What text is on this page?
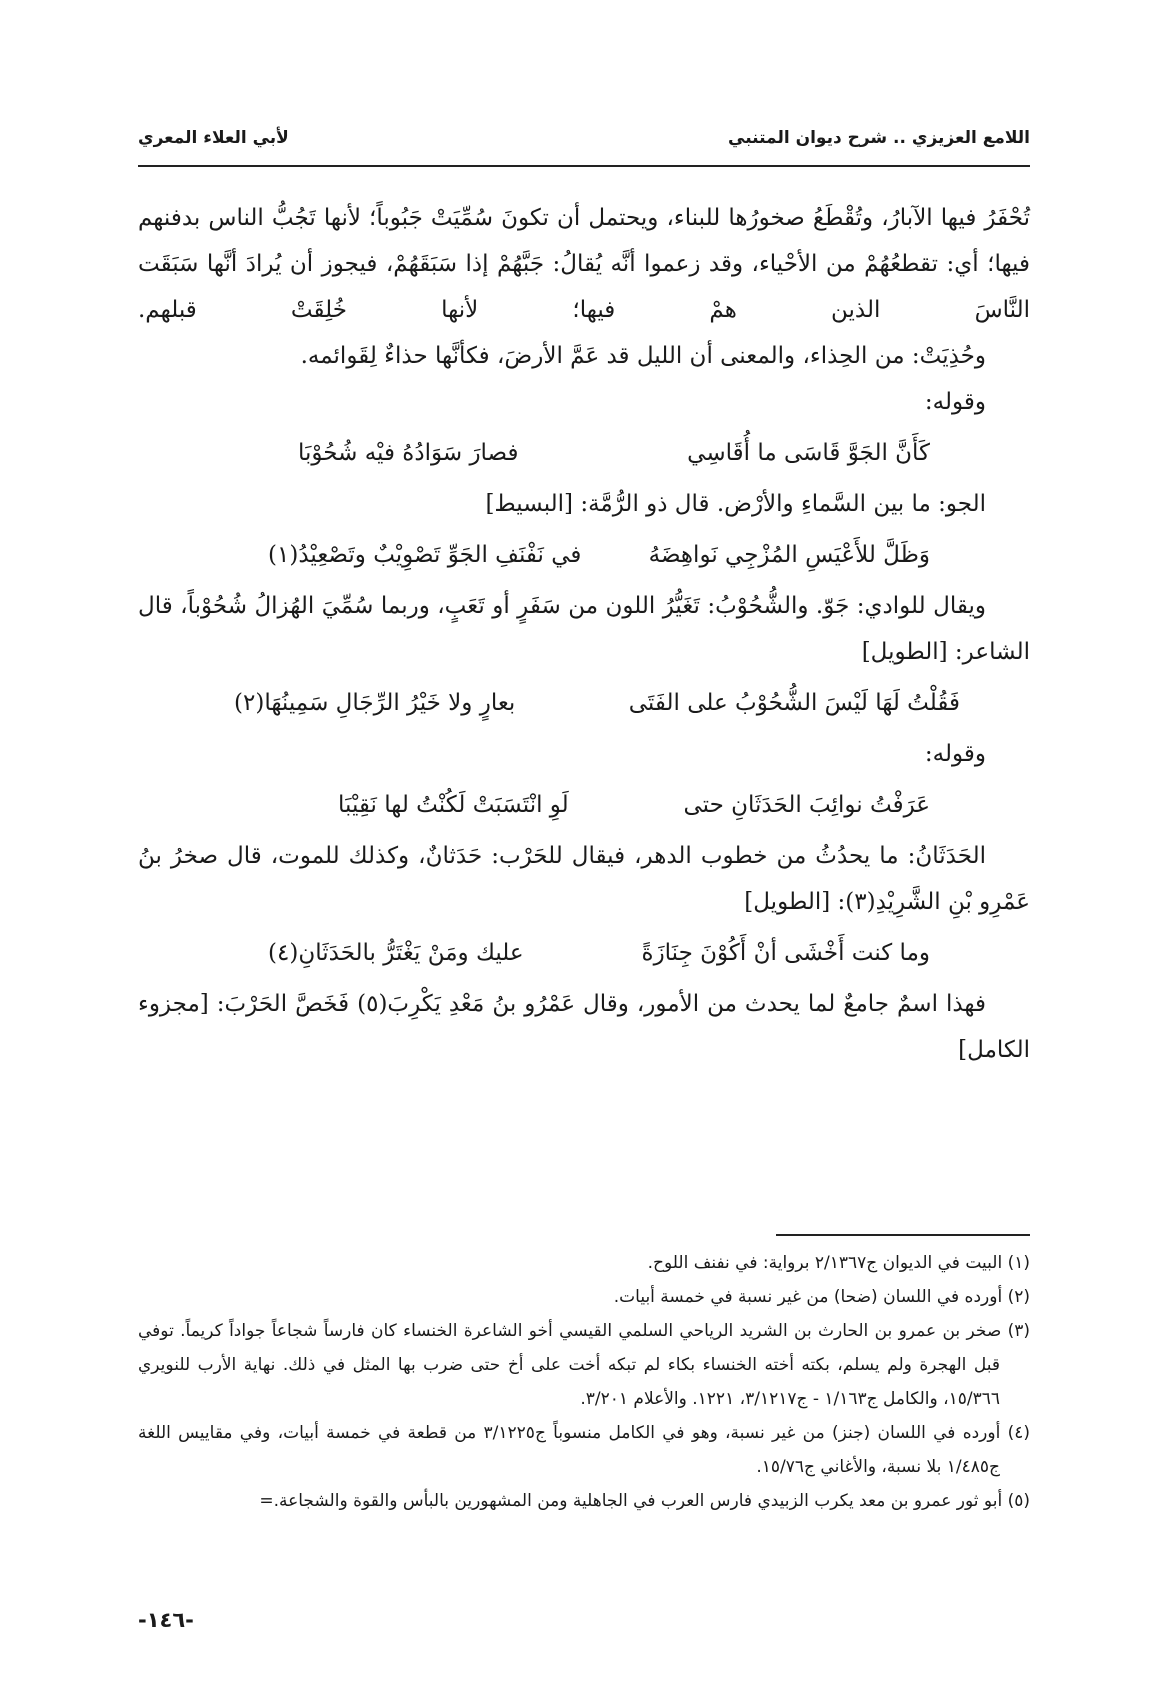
اللامع العزيزي .. شرح ديوان المتنبي
لأبي العلاء المعري

تُحْفَرُ فيها الآبارُ، وتُقْطَعُ صخورُها للبناء، ويحتمل أن تكونَ سُمِّيَتْ جَبُوباً؛ لأنها تَجُبُّ الناس بدفنهم فيها؛ أي: تقطعُهُمْ من الأحْياء، وقد زعموا أنَّه يُقالُ: جَبَّهُمْ إذا سَبَقَهُمْ، فيجوز أن يُرادَ أنَّها سَبَقَت النَّاسَ الذين همْ فيها؛ لأنها خُلِقَتْ قبلهم.

وحُذِيَتْ: من الحِذاء، والمعنى أن الليل قد عَمَّ الأرضَ، فكأنَّها حذاءٌ لِقَوائمه.

وقوله:

كَأَنَّ الجَوَّ قَاسَى ما أُقَاسِي
فصارَ سَوَادُهُ فيْه شُحُوْبَا

الجو: ما بين السَّماءِ والأرْض. قال ذو الرُّمَّة: [البسيط]

وَظَلَّ للأَعْيَسِ المُزْجِي نَواهِضَهُ
في نَفْنَفِ الجَوِّ تَصْوِيْبٌ وتَصْعِيْدُ(١)

ويقال للوادي: جَوّ. والشُّحُوْبُ: تَغَيُّرُ اللون من سَفَرٍ أو تَعَبٍ، وربما سُمِّيَ الهُزالُ شُحُوْباً، قال الشاعر: [الطويل]

فَقُلْتُ لَهَا لَيْسَ الشُّحُوْبُ على الفَتَى
بعارٍ ولا خَيْرُ الرِّجَالِ سَمِينُهَا(٢)

وقوله:

عَرَفْتُ نوائِبَ الحَدَثَانِ حتى
لَوِ انْتَسَبَتْ لَكُنْتُ لها نَقِيْبَا

الحَدَثَانُ: ما يحدُثُ من خطوب الدهر، فيقال للحَرْب: حَدَثانٌ، وكذلك للموت، قال صخرُ بنُ عَمْرِو بْنِ الشَّرِيْدِ(٣): [الطويل]

وما كنت أَخْشَى أنْ أَكُوْنَ جِنَازَةً
عليك ومَنْ يَغْتَرُّ بالحَدَثَانِ(٤)

فهذا اسمٌ جامعٌ لما يحدث من الأمور، وقال عَمْرُو بنُ مَعْدِ يَكْرِبَ(٥) فَخَصَّ الحَرْبَ: [مجزوء الكامل]

(١) البيت في الديوان ج٢/١٣٦٧ برواية: في نفنف اللوح.

(٢) أورده في اللسان (ضحا) من غير نسبة في خمسة أبيات.

(٣) صخر بن عمرو بن الحارث بن الشريد الرياحي السلمي القيسي أخو الشاعرة الخنساء كان فارساً شجاعاً جواداً كريماً. توفي قبل الهجرة ولم يسلم، بكته أخته الخنساء بكاء لم تبكه أخت على أخ حتى ضرب بها المثل في ذلك. نهاية الأرب للنويري ١٥/٣٦٦، والكامل ج١/١٦٣ - ج٣/١٢١٧، ١٢٢١. والأعلام ٣/٢٠١.

(٤) أورده في اللسان (جنز) من غير نسبة، وهو في الكامل منسوباً ج٣/١٢٢٥ من قطعة في خمسة أبيات، وفي مقاييس اللغة ج١/٤٨٥ بلا نسبة، والأغاني ج١٥/٧٦.

(٥) أبو ثور عمرو بن معد يكرب الزبيدي فارس العرب في الجاهلية ومن المشهورين بالبأس والقوة والشجاعة.=

-١٤٦-
